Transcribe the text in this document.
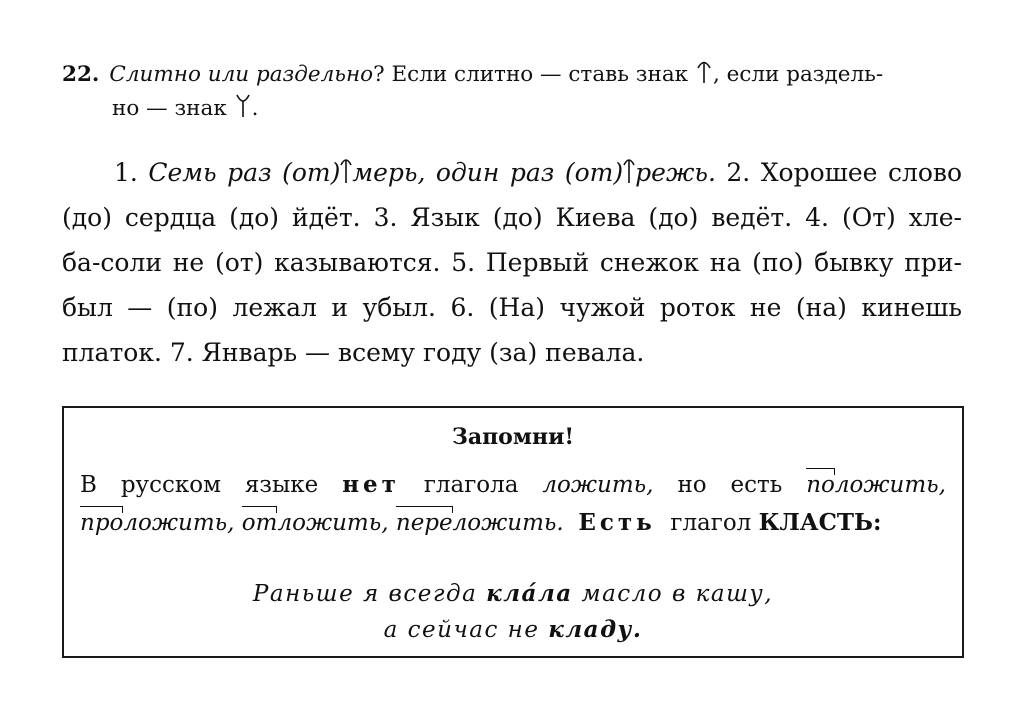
22. Слитно или раздельно? Если слитно — ставь знак , если раздель-
но — знак .
1. Семь раз (от) мерь, один раз (от) режь. 2. Хорошее слово
(до) сердца (до) йдёт. 3. Язык (до) Киева (до) ведёт. 4. (От) хле-
ба-соли не (от) казываются. 5. Первый снежок на (по) бывку при-
был — (по) лежал и убыл. 6. (На) чужой роток не (на) кинешь
платок. 7. Январь — всему году (за) певала.
Запомни!
В русском языке нет глагола ложить, но есть положить,
проложить, отложить, переложить. Есть глагол КЛАСТЬ:
Раньше я всегда кла́ла масло в кашу,
а сейчас не кладу.
